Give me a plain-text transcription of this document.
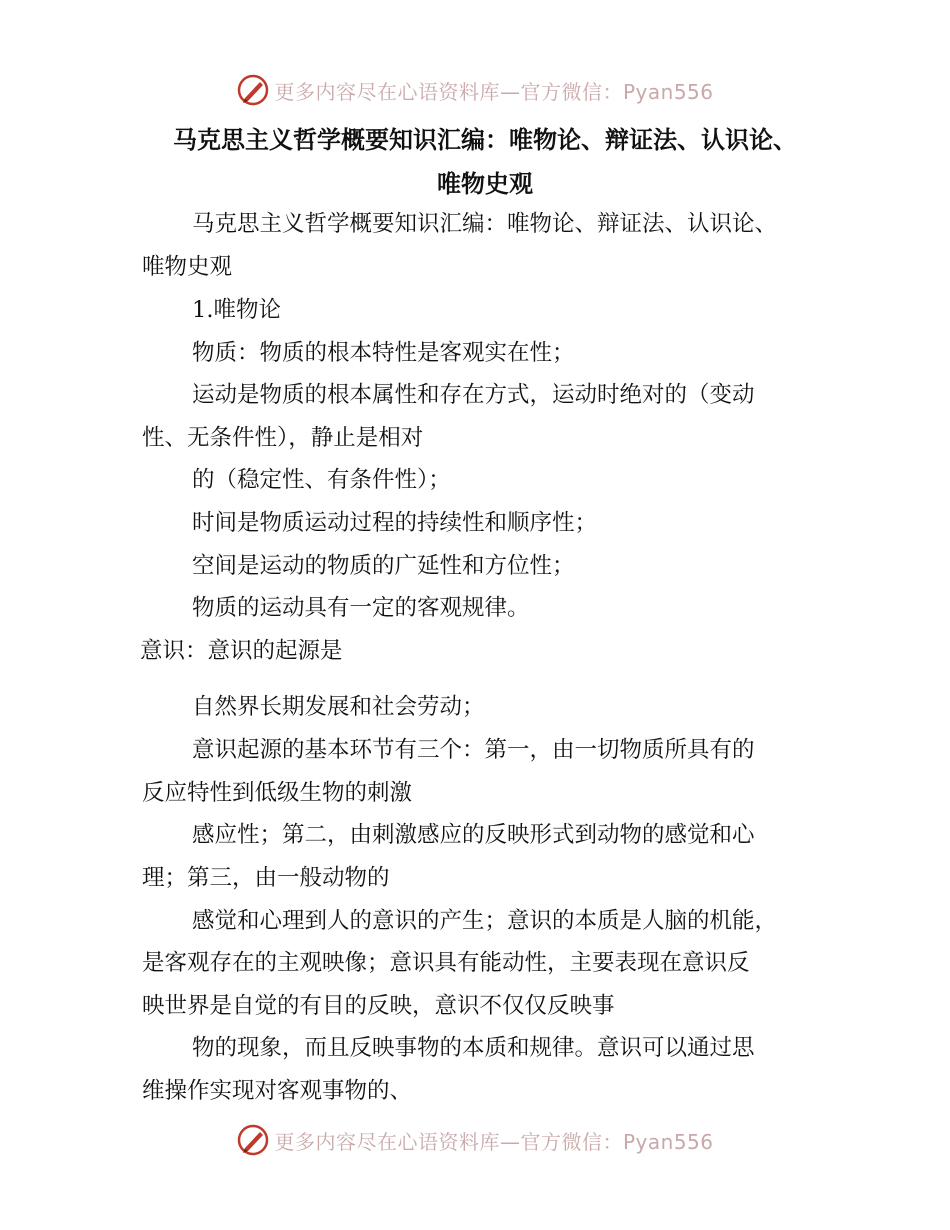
更多内容尽在心语资料库—官方微信：Pyan556
马克思主义哲学概要知识汇编：唯物论、辩证法、认识论、
唯物史观
马克思主义哲学概要知识汇编：唯物论、辩证法、认识论、
唯物史观
1.唯物论
物质：物质的根本特性是客观实在性；
运动是物质的根本属性和存在方式，运动时绝对的（变动
性、无条件性），静止是相对
的（稳定性、有条件性）；
时间是物质运动过程的持续性和顺序性；
空间是运动的物质的广延性和方位性；
物质的运动具有一定的客观规律。
意识：意识的起源是
自然界长期发展和社会劳动；
意识起源的基本环节有三个：第一，由一切物质所具有的
反应特性到低级生物的刺激
感应性；第二，由刺激感应的反映形式到动物的感觉和心
理；第三，由一般动物的
感觉和心理到人的意识的产生；意识的本质是人脑的机能，
是客观存在的主观映像；意识具有能动性，主要表现在意识反
映世界是自觉的有目的反映，意识不仅仅反映事
物的现象，而且反映事物的本质和规律。意识可以通过思
维操作实现对客观事物的、
更多内容尽在心语资料库—官方微信：Pyan556
